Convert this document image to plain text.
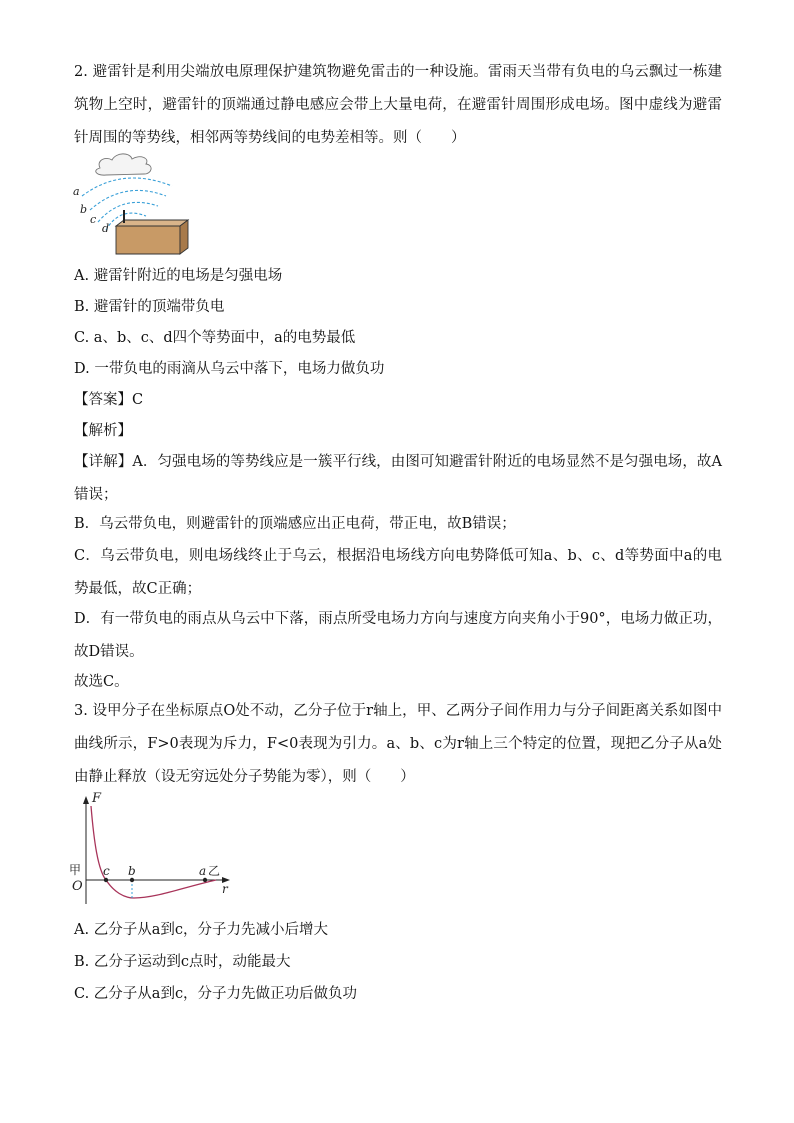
2. 避雷针是利用尖端放电原理保护建筑物避免雷击的一种设施。雷雨天当带有负电的乌云飘过一栋建筑物上空时，避雷针的顶端通过静电感应会带上大量电荷，在避雷针周围形成电场。图中虚线为避雷针周围的等势线，相邻两等势线间的电势差相等。则（　　）

a
b
c
d
A. 避雷针附近的电场是匀强电场
B. 避雷针的顶端带负电
C. a、b、c、d四个等势面中，a的电势最低
D. 一带负电的雨滴从乌云中落下，电场力做负功
【答案】C
【解析】

【详解】A．匀强电场的等势线应是一簇平行线，由图可知避雷针附近的电场显然不是匀强电场，故A错误；

B．乌云带负电，则避雷针的顶端感应出正电荷，带正电，故B错误；

C．乌云带负电，则电场线终止于乌云，根据沿电场线方向电势降低可知a、b、c、d等势面中a的电势最低，故C正确；

D．有一带负电的雨点从乌云中下落，雨点所受电场力方向与速度方向夹角小于90°，电场力做正功，故D错误。

故选C。

3. 设甲分子在坐标原点O处不动，乙分子位于r轴上，甲、乙两分子间作用力与分子间距离关系如图中曲线所示，F>0表现为斥力，F<0表现为引力。a、b、c为r轴上三个特定的位置，现把乙分子从a处由静止释放（设无穷远处分子势能为零），则（　　）

F
r
O
甲 c b	a 乙
A. 乙分子从a到c，分子力先减小后增大
B. 乙分子运动到c点时，动能最大
C. 乙分子从a到c，分子力先做正功后做负功
